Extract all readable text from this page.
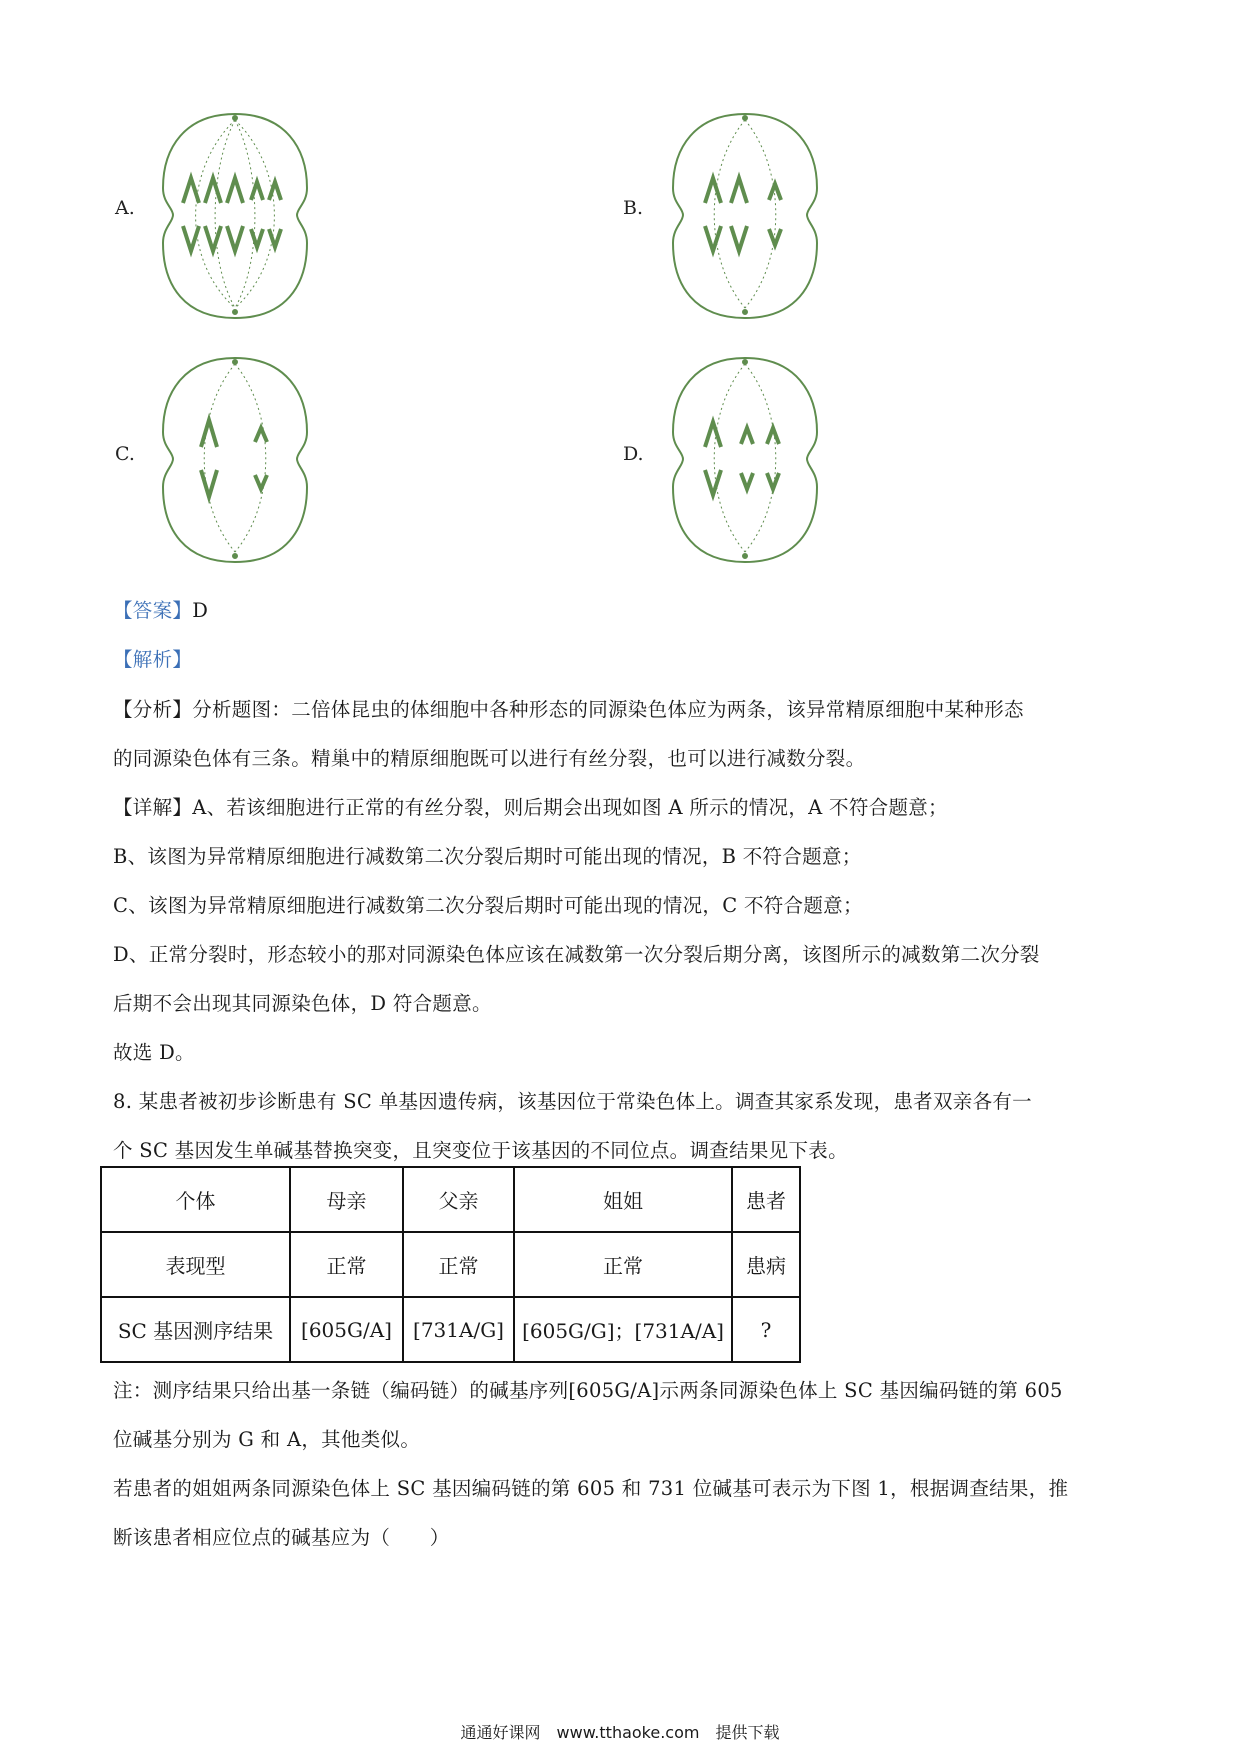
A.	B.
C.	D.
【答案】D
【解析】
【分析】分析题图：二倍体昆虫的体细胞中各种形态的同源染色体应为两条，该异常精原细胞中某种形态
的同源染色体有三条。精巢中的精原细胞既可以进行有丝分裂，也可以进行减数分裂。
【详解】A、若该细胞进行正常的有丝分裂，则后期会出现如图 A 所示的情况，A 不符合题意；
B、该图为异常精原细胞进行减数第二次分裂后期时可能出现的情况，B 不符合题意；
C、该图为异常精原细胞进行减数第二次分裂后期时可能出现的情况，C 不符合题意；
D、正常分裂时，形态较小的那对同源染色体应该在减数第一次分裂后期分离，该图所示的减数第二次分裂
后期不会出现其同源染色体，D 符合题意。
故选 D。
8. 某患者被初步诊断患有 SC 单基因遗传病，该基因位于常染色体上。调查其家系发现，患者双亲各有一
个 SC 基因发生单碱基替换突变，且突变位于该基因的不同位点。调查结果见下表。
个体	母亲	父亲	姐姐	患者
表现型	正常	正常	正常	患病
SC 基因测序结果	[605G/A]	[731A/G]	[605G/G]；[731A/A]	?
注：测序结果只给出基一条链（编码链）的碱基序列[605G/A]示两条同源染色体上 SC 基因编码链的第 605
位碱基分别为 G 和 A，其他类似。
若患者的姐姐两条同源染色体上 SC 基因编码链的第 605 和 731 位碱基可表示为下图 1，根据调查结果，推
断该患者相应位点的碱基应为（　　）
通通好课网　www.tthaoke.com　提供下载
